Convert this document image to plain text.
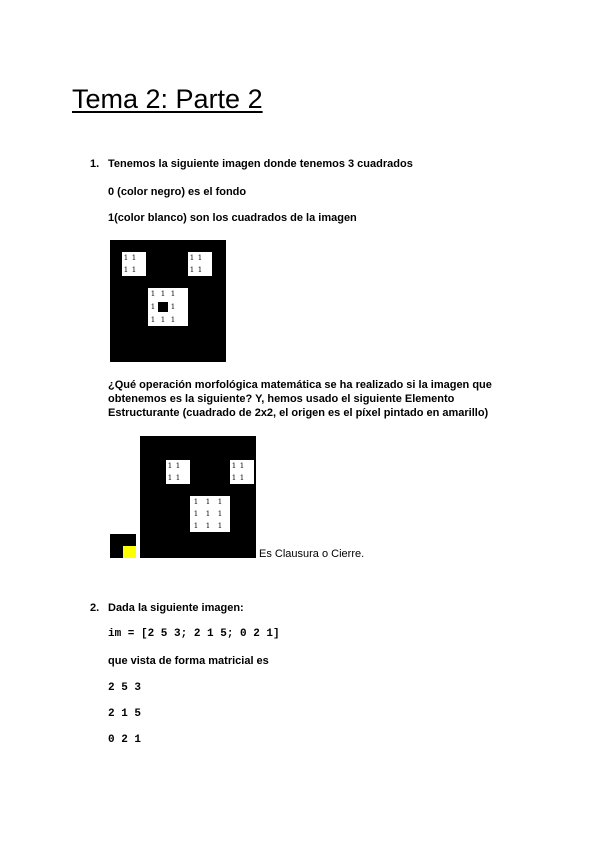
Tema 2: Parte 2
1. Tenemos la siguiente imagen donde tenemos 3 cuadrados
0 (color negro) es el fondo
1(color blanco) son los cuadrados de la imagen
1 1
1 1
1 1
1 1
1 1 1
1 1
1 1 1
¿Qué operación morfológica matemática se ha realizado si la imagen que
obtenemos es la siguiente? Y, hemos usado el siguiente Elemento
Estructurante (cuadrado de 2x2, el origen es el píxel pintado en amarillo)
1 1
1 1
1 1
1 1
1 1 1
1 1 1
1 1 1
Es Clausura o Cierre.
2. Dada la siguiente imagen:
im = [2 5 3; 2 1 5; 0 2 1]
que vista de forma matricial es
2 5 3
2 1 5
0 2 1
